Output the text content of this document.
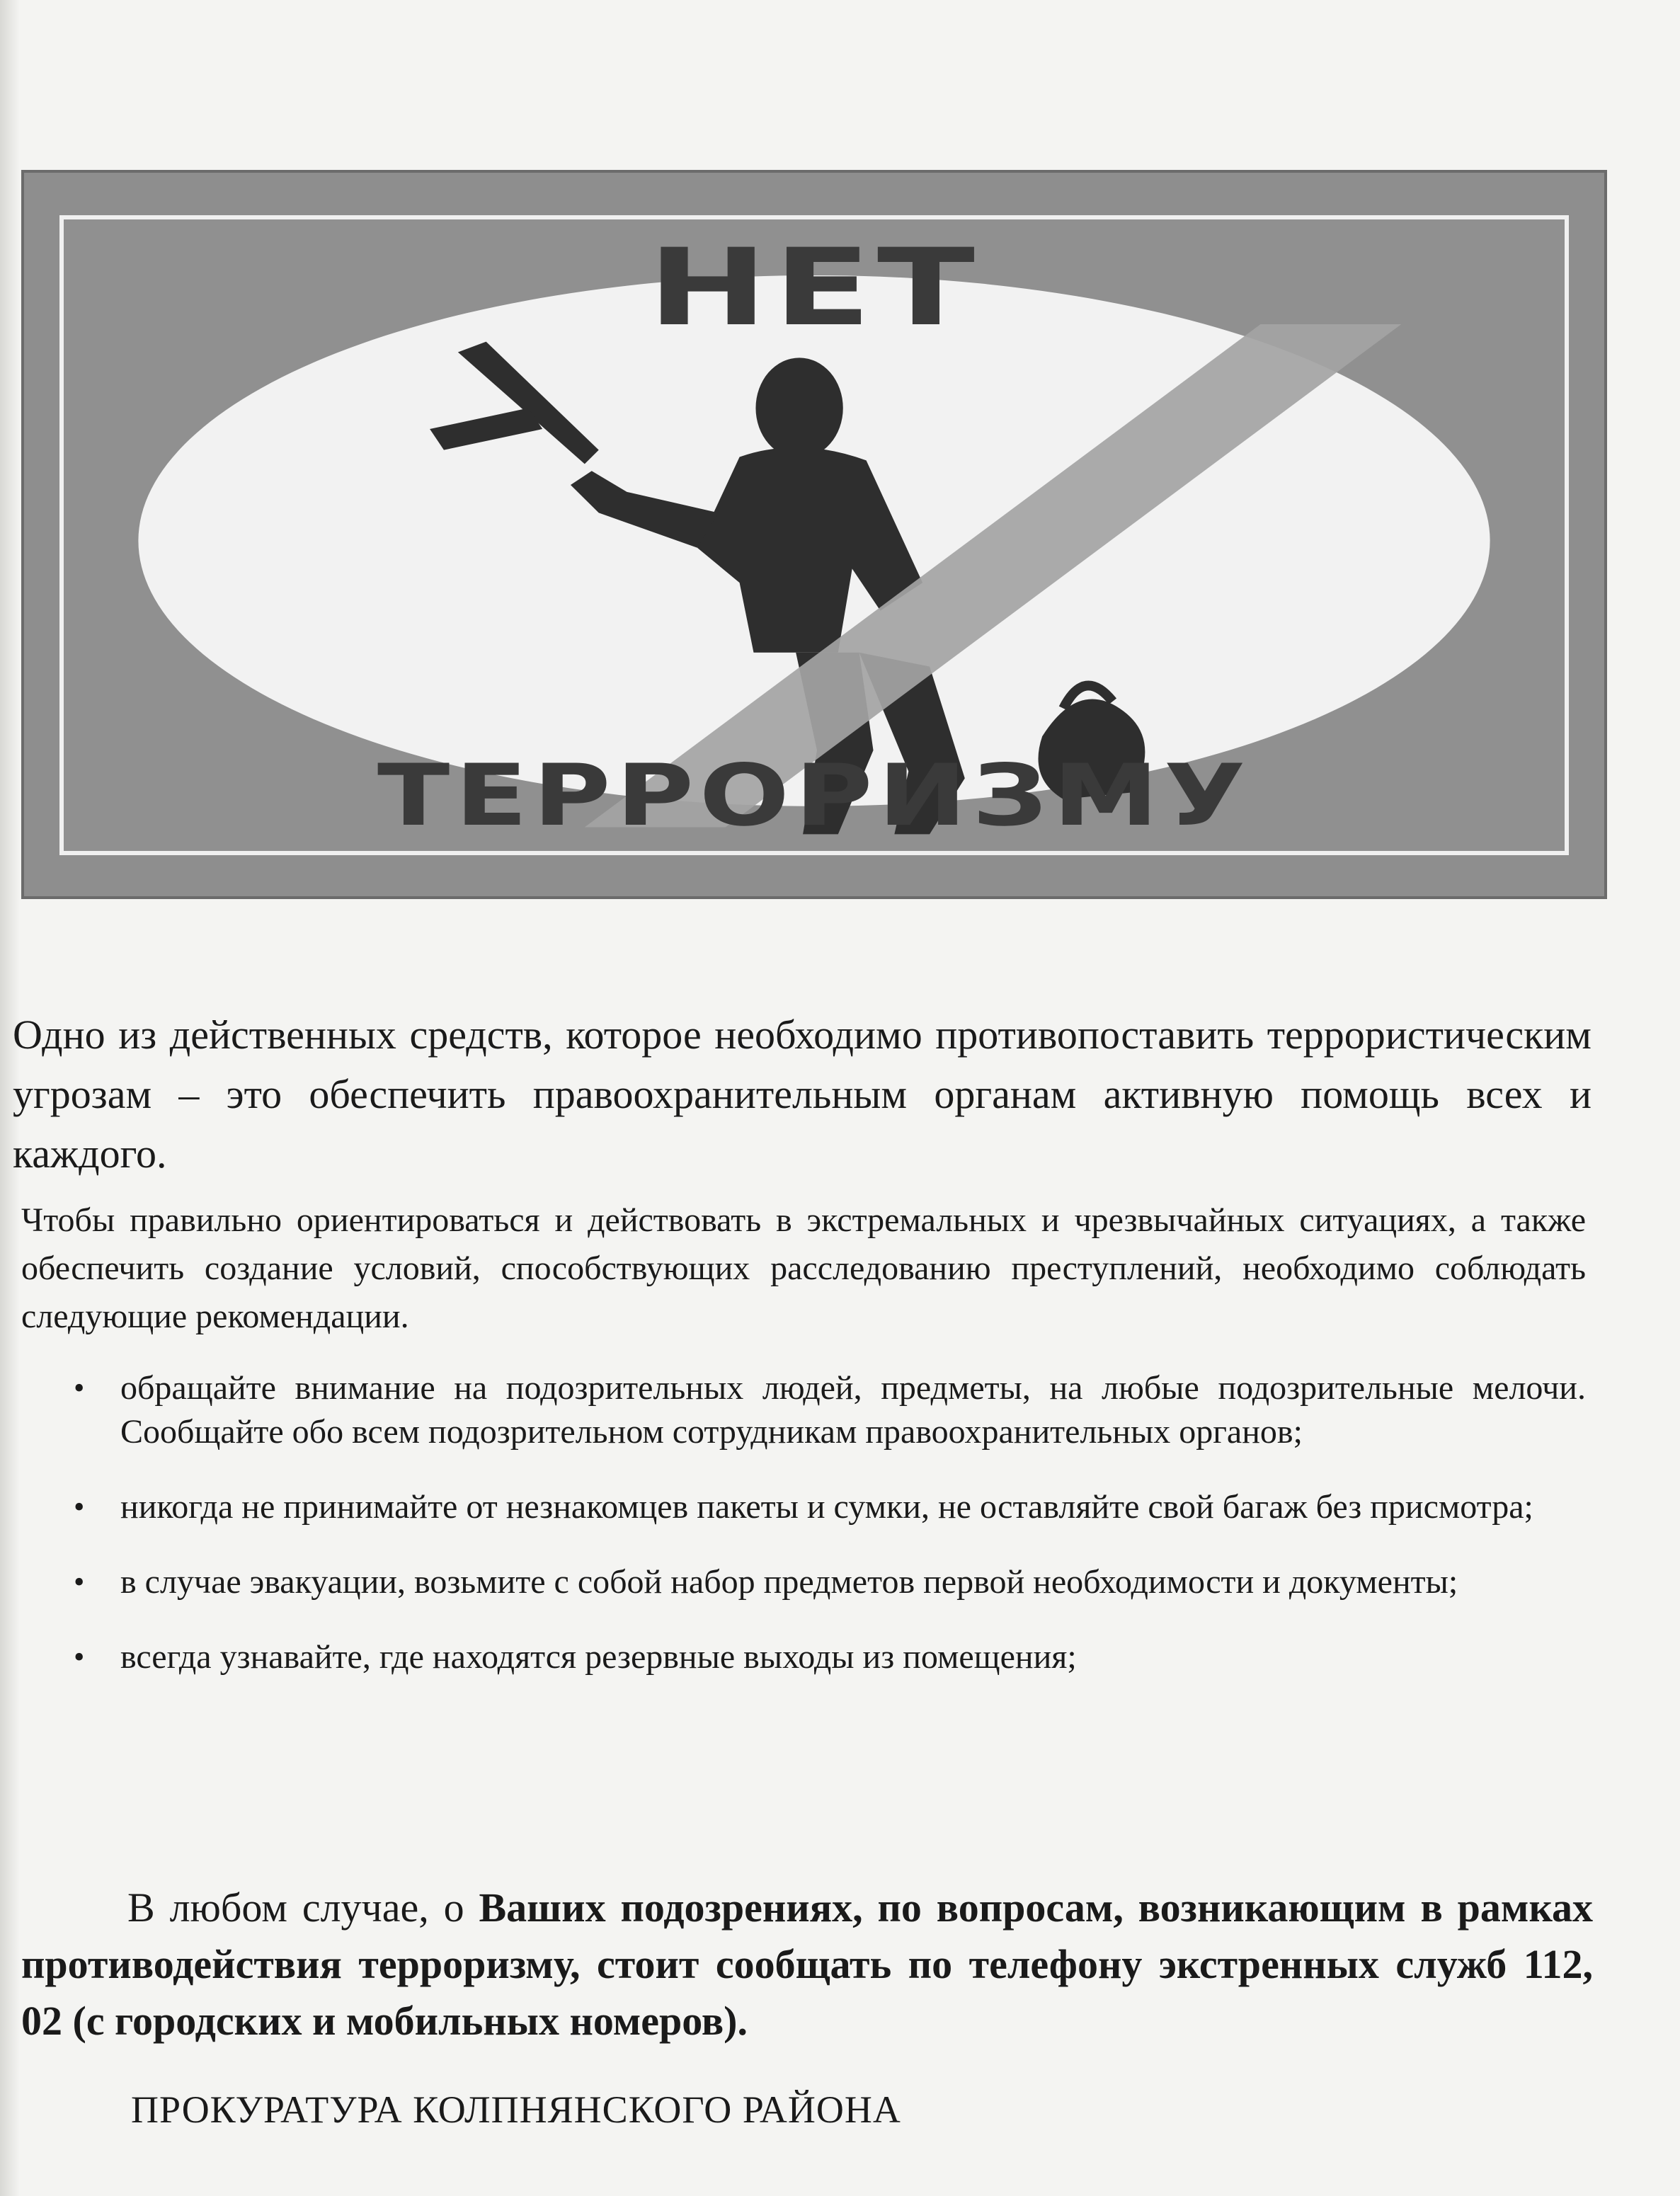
НЕТ
ТЕРРОРИЗМУ

Одно из действенных средств, которое необходимо противопоставить террористическим угрозам – это обеспечить правоохранительным органам активную помощь всех и каждого.

Чтобы правильно ориентироваться и действовать в экстремальных и чрезвычайных ситуациях, а также обеспечить создание условий, способствующих расследованию преступлений, необходимо соблюдать следующие рекомендации.

• обращайте внимание на подозрительных людей, предметы, на любые подозрительные мелочи. Сообщайте обо всем подозрительном сотрудникам правоохранительных органов;
• никогда не принимайте от незнакомцев пакеты и сумки, не оставляйте свой багаж без присмотра;
• в случае эвакуации, возьмите с собой набор предметов первой необходимости и документы;
• всегда узнавайте, где находятся резервные выходы из помещения;

В любом случае, о Ваших подозрениях, по вопросам, возникающим в рамках противодействия терроризму, стоит сообщать по телефону экстренных служб 112, 02 (с городских и мобильных номеров).

ПРОКУРАТУРА КОЛПНЯНСКОГО РАЙОНА
